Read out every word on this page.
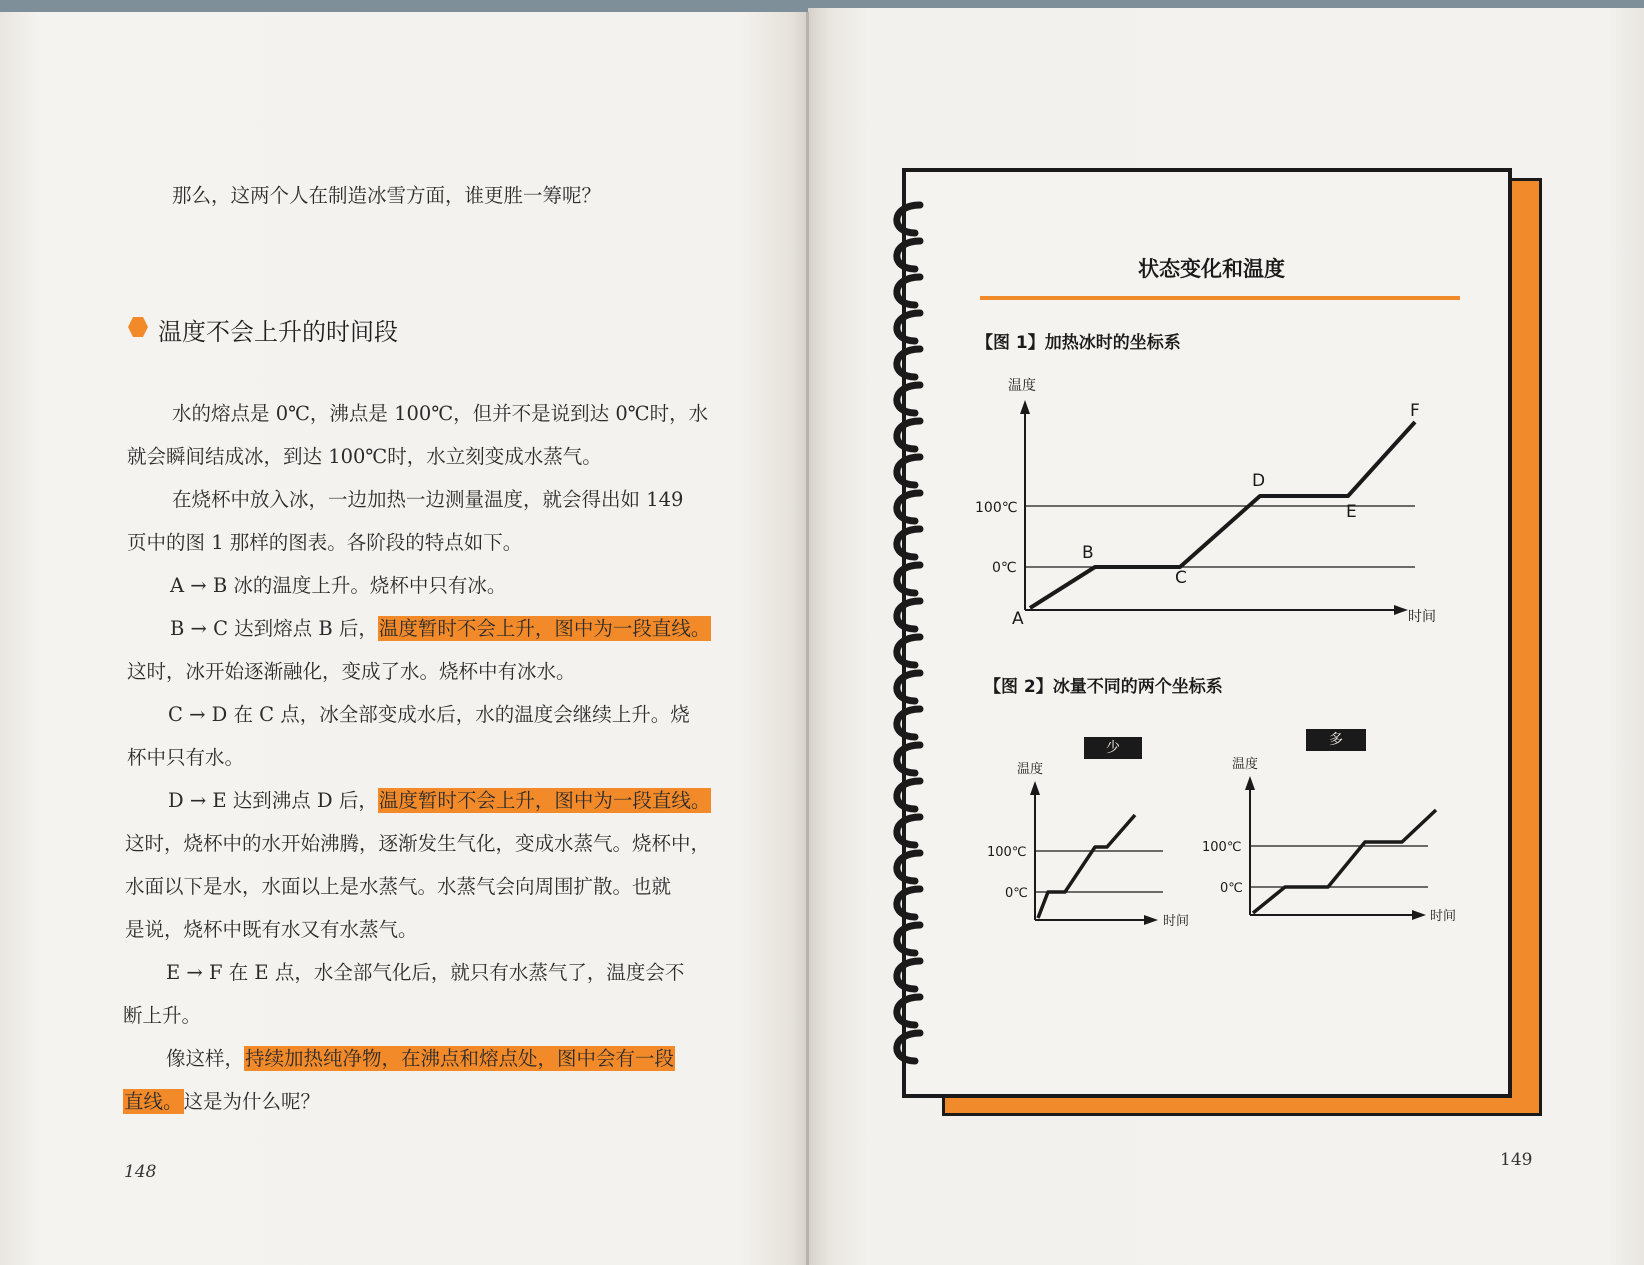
那么，这两个人在制造冰雪方面，谁更胜一筹呢？
温度不会上升的时间段
水的熔点是 0℃，沸点是 100℃，但并不是说到达 0℃时，水
就会瞬间结成冰，到达 100℃时，水立刻变成水蒸气。
在烧杯中放入冰，一边加热一边测量温度，就会得出如 149
页中的图 1 那样的图表。各阶段的特点如下。
A → B 冰的温度上升。烧杯中只有冰。
B → C 达到熔点 B 后，温度暂时不会上升，图中为一段直线。
这时，冰开始逐渐融化，变成了水。烧杯中有冰水。
C → D 在 C 点，冰全部变成水后，水的温度会继续上升。烧
杯中只有水。
D → E 达到沸点 D 后，温度暂时不会上升，图中为一段直线。
这时，烧杯中的水开始沸腾，逐渐发生气化，变成水蒸气。烧杯中，
水面以下是水，水面以上是水蒸气。水蒸气会向周围扩散。也就
是说，烧杯中既有水又有水蒸气。
E → F 在 E 点，水全部气化后，就只有水蒸气了，温度会不
断上升。
像这样，持续加热纯净物，在沸点和熔点处，图中会有一段
直线。这是为什么呢？
148
状态变化和温度
【图 1】加热冰时的坐标系
温度
时间
100℃
0℃
A
B
C
D
E
F
【图 2】冰量不同的两个坐标系
少	多
温度
100℃
0℃
时间
温度
100℃
0℃
时间
149
